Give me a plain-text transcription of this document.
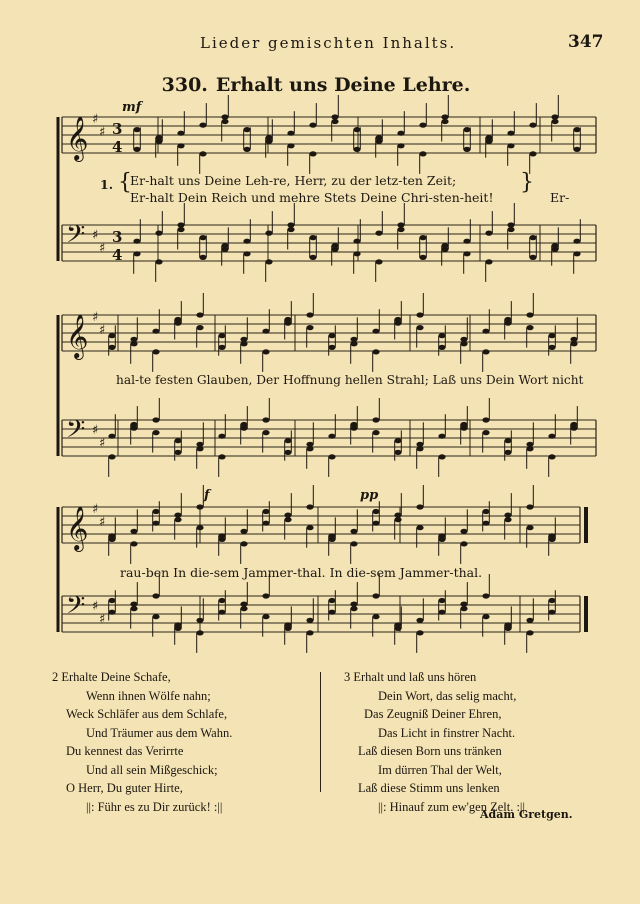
Lieder gemischten Inhalts.	347
330. Erhalt uns Deine Lehre.
𝄞 ♯
♯ 3
4
𝄢 ♯
♯
3
4
𝄞 ♯
♯
𝄢 ♯
♯
𝄞 ♯
♯
𝄢 ♯
♯
mf
f	pp
1. {
Er-halt uns Deine Leh-re, Herr, zu der letz-ten Zeit;
Er-halt Dein Reich und mehre Stets Deine Chri-sten-heit!
}
Er-
hal-te festen Glauben, Der Hoffnung hellen Strahl; Laß uns Dein Wort nicht
rau-ben In die-sem Jammer-thal. In die-sem Jammer-thal.
2 Erhalte Deine Schafe,
Wenn ihnen Wölfe nahn;
Weck Schläfer aus dem Schlafe,
Und Träumer aus dem Wahn.
Du kennest das Verirrte
Und all sein Mißgeschick;
O Herr, Du guter Hirte,
||: Führ es zu Dir zurück! :||
3 Erhalt und laß uns hören
Dein Wort, das selig macht,
Das Zeugniß Deiner Ehren,
Das Licht in finstrer Nacht.
Laß diesen Born uns tränken
Im dürren Thal der Welt,
Laß diese Stimm uns lenken
||: Hinauf zum ew'gen Zelt. :||
Adam Gretgen.
